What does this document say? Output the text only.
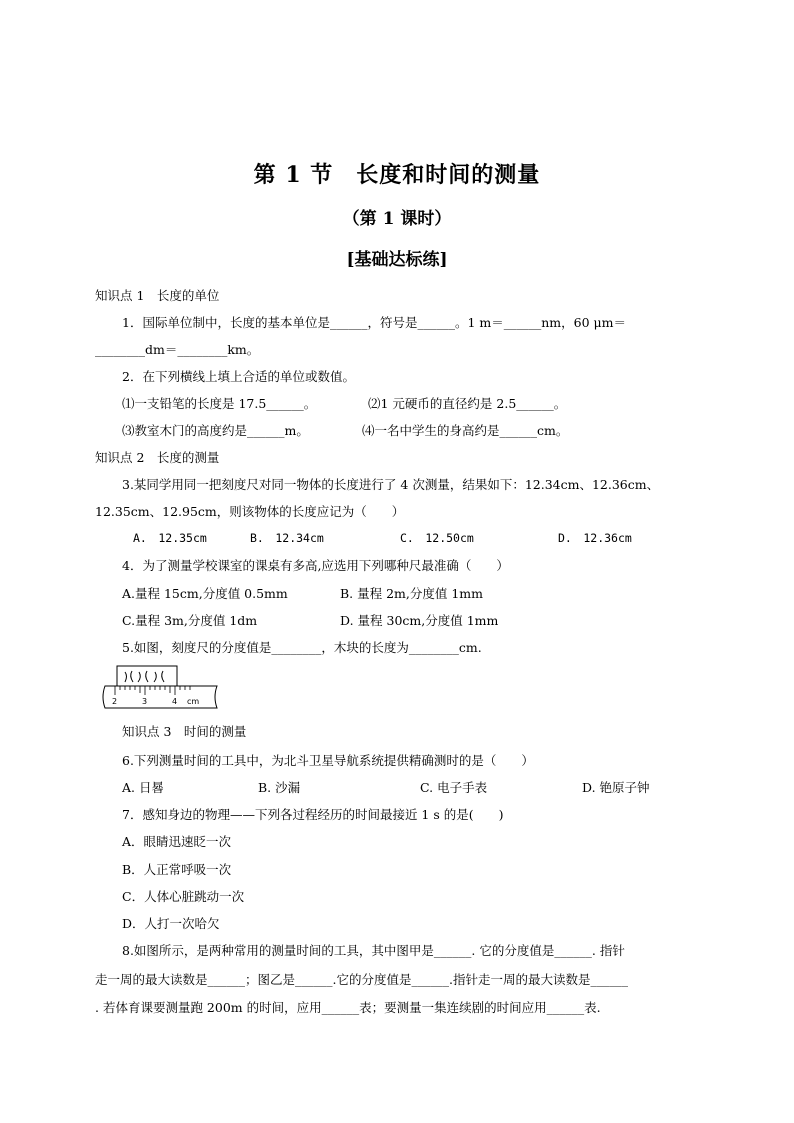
第 1 节　长度和时间的测量
（第 1 课时）
[基础达标练]
知识点 1　长度的单位
1．国际单位制中，长度的基本单位是______，符号是______。1 m＝______nm，60 μm＝
________dm＝________km。
2．在下列横线上填上合适的单位或数值。
⑴一支铅笔的长度是 17.5______。	⑵1 元硬币的直径约是 2.5______。
⑶教室木门的高度约是______m。	⑷一名中学生的身高约是______cm。
知识点 2　长度的测量
3.某同学用同一把刻度尺对同一物体的长度进行了 4 次测量，结果如下：12.34cm、12.36cm、
12.35cm、12.95cm，则该物体的长度应记为（　　）
A.　12.35cm	B.　12.34cm	C.　12.50cm	D.　12.36cm
4．为了测量学校课室的课桌有多高,应选用下列哪种尺最准确（　　）
A.量程 15cm,分度值 0.5mm	B. 量程 2m,分度值 1mm
C.量程 3m,分度值 1dm	D. 量程 30cm,分度值 1mm
5.如图，刻度尺的分度值是________，木块的长度为________cm.
2	3	4 cm
知识点 3　时间的测量
6.下列测量时间的工具中，为北斗卫星导航系统提供精确测时的是（　　）
A. 日晷	B. 沙漏	C. 电子手表	D. 铯原子钟
7．感知身边的物理——下列各过程经历的时间最接近 1 s 的是(　　)
A．眼睛迅速眨一次
B．人正常呼吸一次
C．人体心脏跳动一次
D．人打一次哈欠
8.如图所示，是两种常用的测量时间的工具，其中图甲是______. 它的分度值是______. 指针
走一周的最大读数是______；图乙是______.它的分度值是______.指针走一周的最大读数是______
. 若体育课要测量跑 200m 的时间，应用______表；要测量一集连续剧的时间应用______表.
